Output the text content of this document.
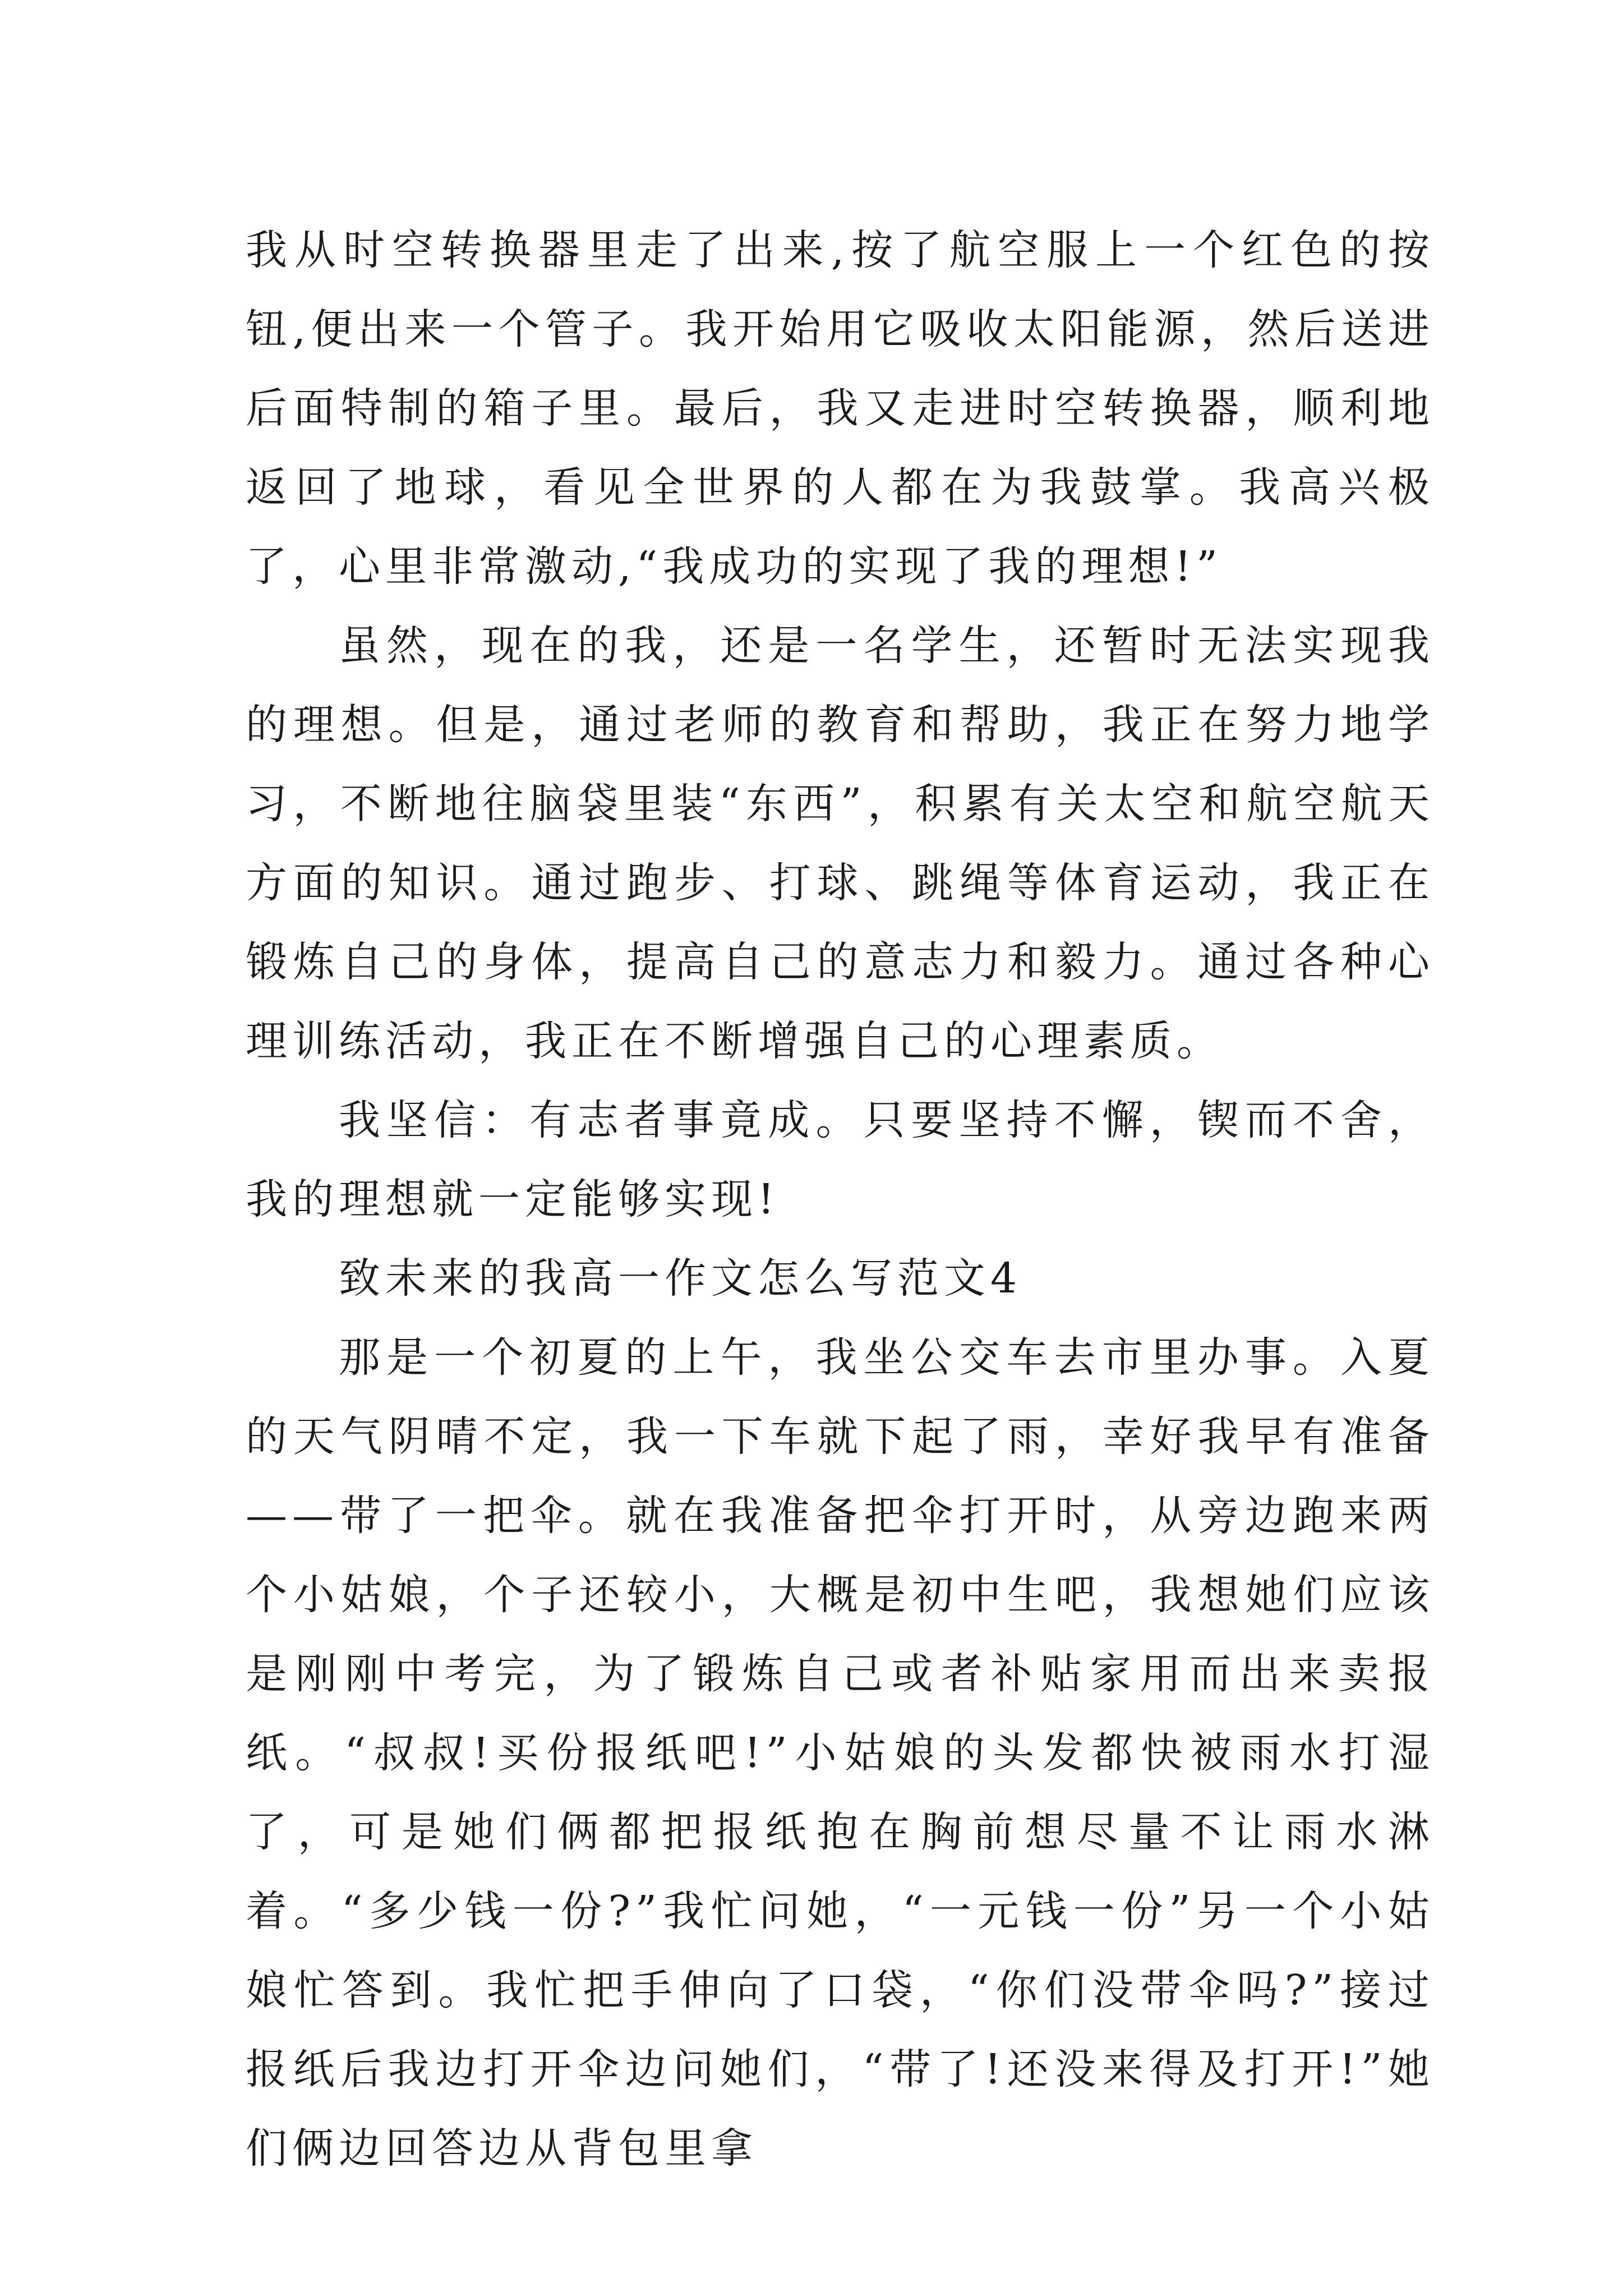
我从时空转换器里走了出来,按了航空服上一个红色的按钮,便出来一个管子。我开始用它吸收太阳能源，然后送进后面特制的箱子里。最后，我又走进时空转换器，顺利地返回了地球，看见全世界的人都在为我鼓掌。我高兴极了，心里非常激动,“我成功的实现了我的理想!”

虽然，现在的我，还是一名学生，还暂时无法实现我的理想。但是，通过老师的教育和帮助，我正在努力地学习，不断地往脑袋里装“东西”，积累有关太空和航空航天方面的知识。通过跑步、打球、跳绳等体育运动，我正在锻炼自己的身体，提高自己的意志力和毅力。通过各种心理训练活动，我正在不断增强自己的心理素质。

我坚信：有志者事竟成。只要坚持不懈，锲而不舍，我的理想就一定能够实现!

致未来的我高一作文怎么写范文4

那是一个初夏的上午，我坐公交车去市里办事。入夏的天气阴晴不定，我一下车就下起了雨，幸好我早有准备——带了一把伞。就在我准备把伞打开时，从旁边跑来两个小姑娘，个子还较小，大概是初中生吧，我想她们应该是刚刚中考完，为了锻炼自己或者补贴家用而出来卖报纸。“叔叔!买份报纸吧!”小姑娘的头发都快被雨水打湿了，可是她们俩都把报纸抱在胸前想尽量不让雨水淋着。“多少钱一份?”我忙问她，“一元钱一份”另一个小姑娘忙答到。我忙把手伸向了口袋，“你们没带伞吗?”接过报纸后我边打开伞边问她们，“带了!还没来得及打开!”她们俩边回答边从背包里拿
